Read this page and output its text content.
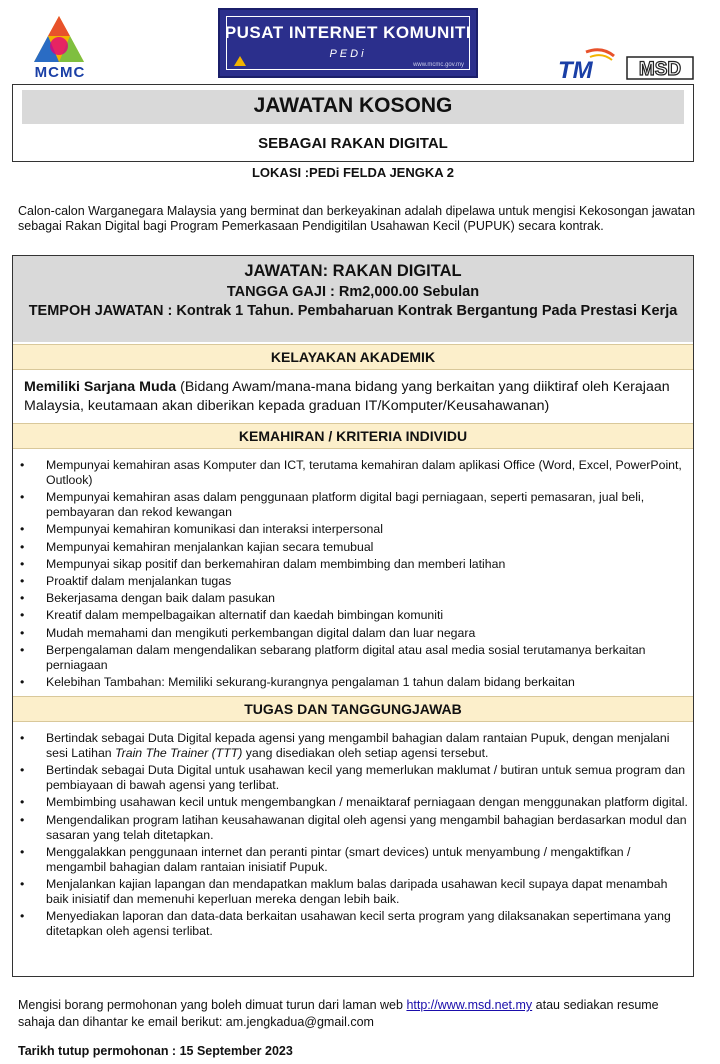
MCMC
PUSAT INTERNET KOMUNITI
PEDi
www.mcmc.gov.my	TM MSD
JAWATAN KOSONG
SEBAGAI RAKAN DIGITAL
LOKASI :PEDi FELDA JENGKA 2
Calon-calon Warganegara Malaysia yang berminat dan berkeyakinan adalah dipelawa untuk mengisi Kekosongan jawatan sebagai Rakan Digital bagi Program Pemerkasaan Pendigitilan Usahawan Kecil (PUPUK) secara kontrak.
JAWATAN: RAKAN DIGITAL
TANGGA GAJI : Rm2,000.00 Sebulan
TEMPOH JAWATAN : Kontrak 1 Tahun. Pembaharuan Kontrak Bergantung Pada Prestasi Kerja
KELAYAKAN AKADEMIK
Memiliki Sarjana Muda (Bidang Awam/mana-mana bidang yang berkaitan yang diiktiraf oleh Kerajaan Malaysia, keutamaan akan diberikan kepada graduan IT/Komputer/Keusahawanan)
KEMAHIRAN / KRITERIA INDIVIDU
• Mempunyai kemahiran asas Komputer dan ICT, terutama kemahiran dalam aplikasi Office (Word, Excel, PowerPoint, Outlook)
• Mempunyai kemahiran asas dalam penggunaan platform digital bagi perniagaan, seperti pemasaran, jual beli, pembayaran dan rekod kewangan
• Mempunyai kemahiran komunikasi dan interaksi interpersonal
• Mempunyai kemahiran menjalankan kajian secara temubual
• Mempunyai sikap positif dan berkemahiran dalam membimbing dan memberi latihan
• Proaktif dalam menjalankan tugas
• Bekerjasama dengan baik dalam pasukan
• Kreatif dalam mempelbagaikan alternatif dan kaedah bimbingan komuniti
• Mudah memahami dan mengikuti perkembangan digital dalam dan luar negara
• Berpengalaman dalam mengendalikan sebarang platform digital atau asal media sosial terutamanya berkaitan perniagaan
• Kelebihan Tambahan: Memiliki sekurang-kurangnya pengalaman 1 tahun dalam bidang berkaitan
TUGAS DAN TANGGUNGJAWAB
• Bertindak sebagai Duta Digital kepada agensi yang mengambil bahagian dalam rantaian Pupuk, dengan menjalani sesi Latihan Train The Trainer (TTT) yang disediakan oleh setiap agensi tersebut.
• Bertindak sebagai Duta Digital untuk usahawan kecil yang memerlukan maklumat / butiran untuk semua program dan pembiayaan di bawah agensi yang terlibat.
• Membimbing usahawan kecil untuk mengembangkan / menaiktaraf perniagaan dengan menggunakan platform digital.
• Mengendalikan program latihan keusahawanan digital oleh agensi yang mengambil bahagian berdasarkan modul dan sasaran yang telah ditetapkan.
• Menggalakkan penggunaan internet dan peranti pintar (smart devices) untuk menyambung / mengaktifkan / mengambil bahagian dalam rantaian inisiatif Pupuk.
• Menjalankan kajian lapangan dan mendapatkan maklum balas daripada usahawan kecil supaya dapat menambah baik inisiatif dan memenuhi keperluan mereka dengan lebih baik.
• Menyediakan laporan dan data-data berkaitan usahawan kecil serta program yang dilaksanakan sepertimana yang ditetapkan oleh agensi terlibat.
Mengisi borang permohonan yang boleh dimuat turun dari laman web http://www.msd.net.my atau sediakan resume sahaja dan dihantar ke email berikut: am.jengkadua@gmail.com
Tarikh tutup permohonan : 15 September 2023
